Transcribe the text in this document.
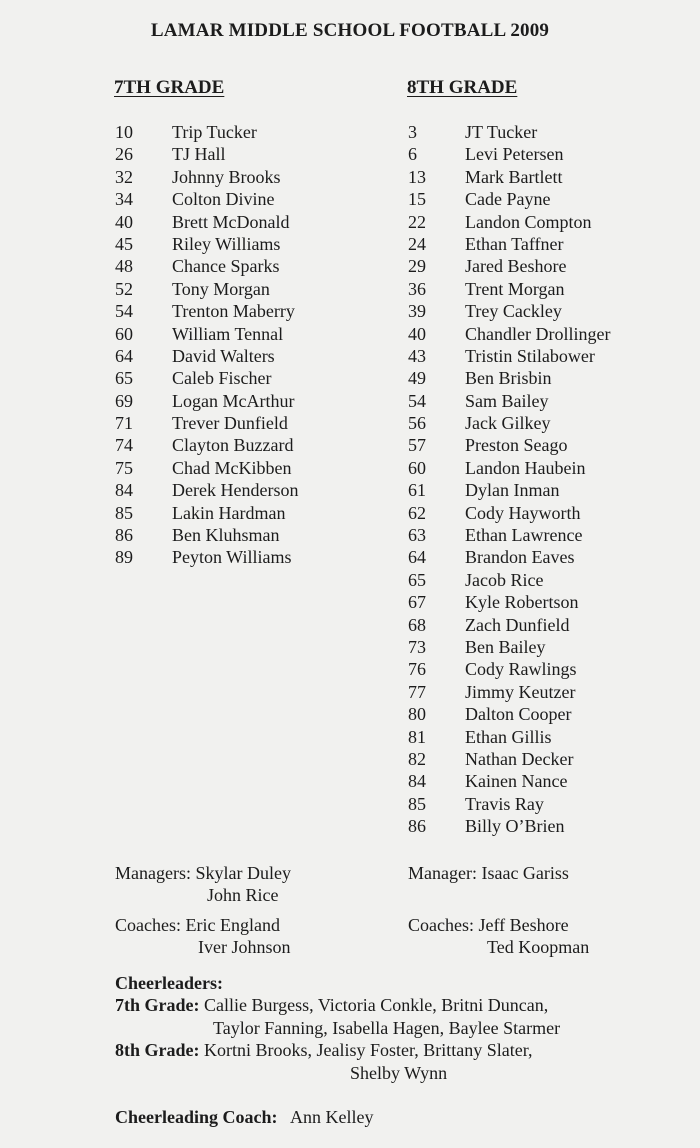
LAMAR MIDDLE SCHOOL FOOTBALL 2009
7TH GRADE	8TH GRADE
10	Trip Tucker
26	TJ Hall
32	Johnny Brooks
34	Colton Divine
40	Brett McDonald
45	Riley Williams
48	Chance Sparks
52	Tony Morgan
54	Trenton Maberry
60	William Tennal
64	David Walters
65	Caleb Fischer
69	Logan McArthur
71	Trever Dunfield
74	Clayton Buzzard
75	Chad McKibben
84	Derek Henderson
85	Lakin Hardman
86	Ben Kluhsman
89	Peyton Williams
3	JT Tucker
6	Levi Petersen
13	Mark Bartlett
15	Cade Payne
22	Landon Compton
24	Ethan Taffner
29	Jared Beshore
36	Trent Morgan
39	Trey Cackley
40	Chandler Drollinger
43	Tristin Stilabower
49	Ben Brisbin
54	Sam Bailey
56	Jack Gilkey
57	Preston Seago
60	Landon Haubein
61	Dylan Inman
62	Cody Hayworth
63	Ethan Lawrence
64	Brandon Eaves
65	Jacob Rice
67	Kyle Robertson
68	Zach Dunfield
73	Ben Bailey
76	Cody Rawlings
77	Jimmy Keutzer
80	Dalton Cooper
81	Ethan Gillis
82	Nathan Decker
84	Kainen Nance
85	Travis Ray
86	Billy O’Brien
Managers: Skylar Duley
John Rice
Coaches: Eric England
Iver Johnson
Manager: Isaac Gariss
Coaches: Jeff Beshore
Ted Koopman
Cheerleaders:
7th Grade: Callie Burgess, Victoria Conkle, Britni Duncan,
Taylor Fanning, Isabella Hagen, Baylee Starmer
8th Grade: Kortni Brooks, Jealisy Foster, Brittany Slater,
Shelby Wynn
Cheerleading Coach: Ann Kelley
